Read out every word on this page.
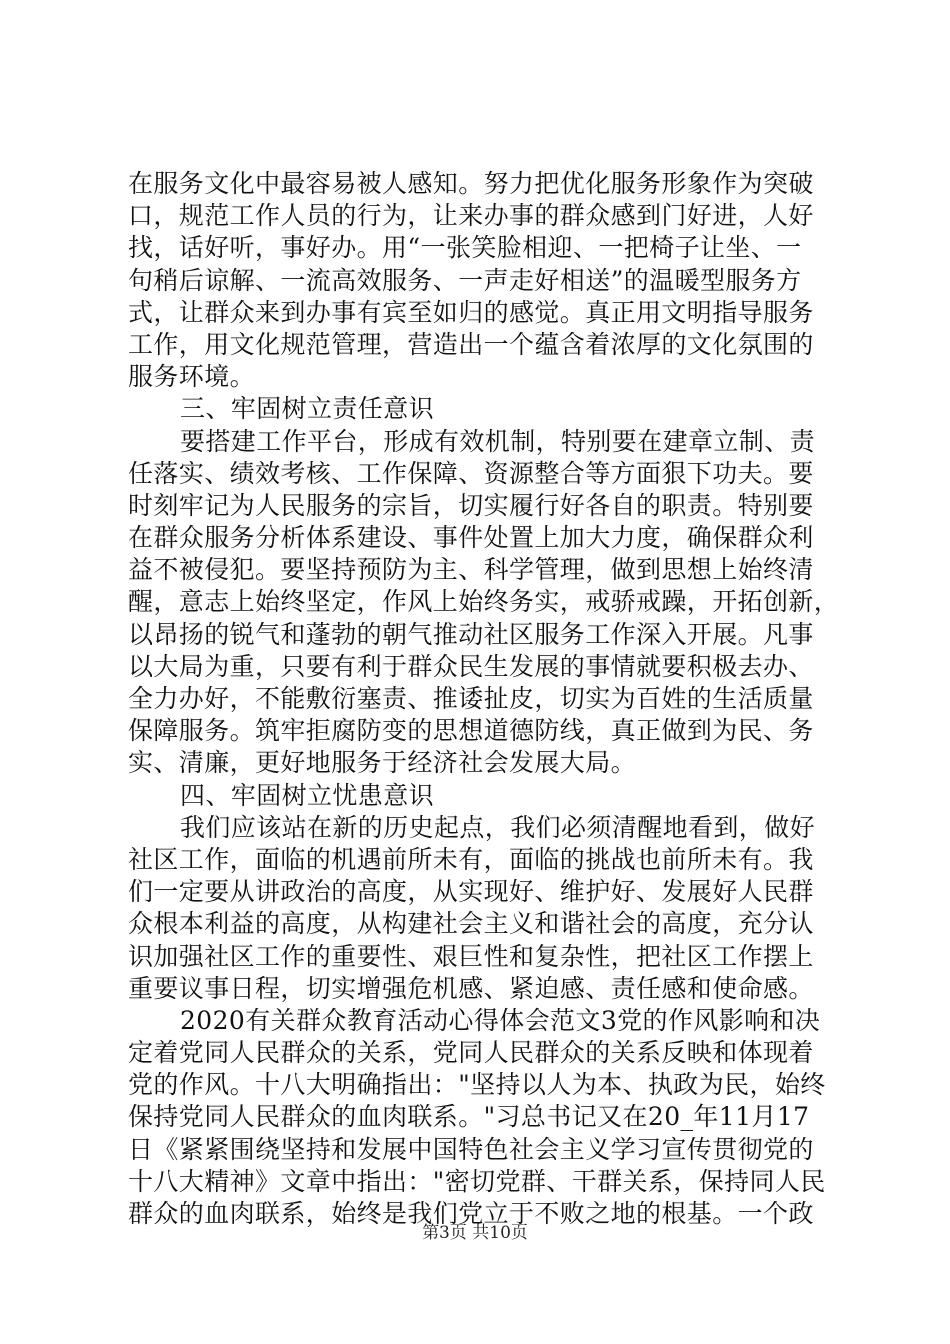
在服务文化中最容易被人感知。努力把优化服务形象作为突破
口，规范工作人员的行为，让来办事的群众感到门好进，人好
找，话好听，事好办。用“一张笑脸相迎、一把椅子让坐、一
句稍后谅解、一流高效服务、一声走好相送”的温暖型服务方
式，让群众来到办事有宾至如归的感觉。真正用文明指导服务
工作，用文化规范管理，营造出一个蕴含着浓厚的文化氛围的
服务环境。
三、牢固树立责任意识
要搭建工作平台，形成有效机制，特别要在建章立制、责
任落实、绩效考核、工作保障、资源整合等方面狠下功夫。要
时刻牢记为人民服务的宗旨，切实履行好各自的职责。特别要
在群众服务分析体系建设、事件处置上加大力度，确保群众利
益不被侵犯。要坚持预防为主、科学管理，做到思想上始终清
醒，意志上始终坚定，作风上始终务实，戒骄戒躁，开拓创新，
以昂扬的锐气和蓬勃的朝气推动社区服务工作深入开展。凡事
以大局为重，只要有利于群众民生发展的事情就要积极去办、
全力办好，不能敷衍塞责、推诿扯皮，切实为百姓的生活质量
保障服务。筑牢拒腐防变的思想道德防线，真正做到为民、务
实、清廉，更好地服务于经济社会发展大局。
四、牢固树立忧患意识
我们应该站在新的历史起点，我们必须清醒地看到，做好
社区工作，面临的机遇前所未有，面临的挑战也前所未有。我
们一定要从讲政治的高度，从实现好、维护好、发展好人民群
众根本利益的高度，从构建社会主义和谐社会的高度，充分认
识加强社区工作的重要性、艰巨性和复杂性，把社区工作摆上
重要议事日程，切实增强危机感、紧迫感、责任感和使命感。
2020有关群众教育活动心得体会范文3党的作风影响和决
定着党同人民群众的关系，党同人民群众的关系反映和体现着
党的作风。十八大明确指出："坚持以人为本、执政为民，始终
保持党同人民群众的血肉联系。"习总书记又在20_年11月17
日《紧紧围绕坚持和发展中国特色社会主义学习宣传贯彻党的
十八大精神》文章中指出："密切党群、干群关系，保持同人民
群众的血肉联系，始终是我们党立于不败之地的根基。一个政
第3页 共10页
